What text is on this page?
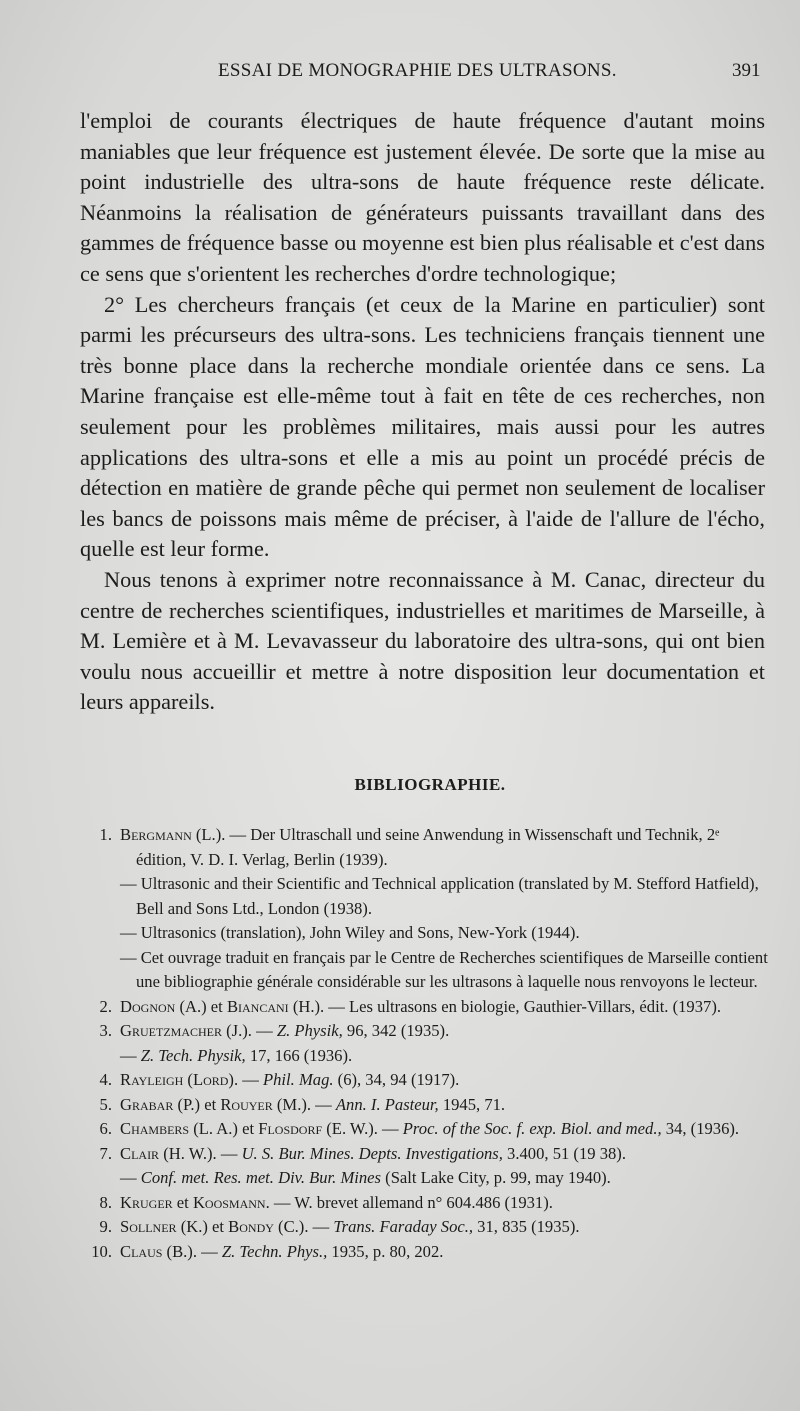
ESSAI DE MONOGRAPHIE DES ULTRASONS.	391

l'emploi de courants électriques de haute fréquence d'autant moins maniables que leur fréquence est justement élevée. De sorte que la mise au point industrielle des ultra-sons de haute fréquence reste délicate. Néanmoins la réalisation de générateurs puissants travaillant dans des gammes de fréquence basse ou moyenne est bien plus réalisable et c'est dans ce sens que s'orientent les recherches d'ordre technologique;

2° Les chercheurs français (et ceux de la Marine en particulier) sont parmi les précurseurs des ultra-sons. Les techniciens français tiennent une très bonne place dans la recherche mondiale orientée dans ce sens. La Marine française est elle-même tout à fait en tête de ces recherches, non seulement pour les problèmes militaires, mais aussi pour les autres applications des ultra-sons et elle a mis au point un procédé précis de détection en matière de grande pêche qui permet non seulement de localiser les bancs de poissons mais même de préciser, à l'aide de l'allure de l'écho, quelle est leur forme.

Nous tenons à exprimer notre reconnaissance à M. Canac, directeur du centre de recherches scientifiques, industrielles et maritimes de Marseille, à M. Lemière et à M. Levavasseur du laboratoire des ultra-sons, qui ont bien voulu nous accueillir et mettre à notre disposition leur documentation et leurs appareils.

BIBLIOGRAPHIE.
1. Bergmann (L.). — Der Ultraschall und seine Anwendung in Wissenschaft und Technik, 2ᵉ édition, V. D. I. Verlag, Berlin (1939).
— Ultrasonic and their Scientific and Technical application (translated by M. Stefford Hatfield), Bell and Sons Ltd., London (1938).
— Ultrasonics (translation), John Wiley and Sons, New-York (1944).
— Cet ouvrage traduit en français par le Centre de Recherches scientifiques de Marseille contient une bibliographie générale considérable sur les ultrasons à laquelle nous renvoyons le lecteur.
2. Dognon (A.) et Biancani (H.). — Les ultrasons en biologie, Gauthier-Villars, édit. (1937).
3. Gruetzmacher (J.). — Z. Physik, 96, 342 (1935).
— Z. Tech. Physik, 17, 166 (1936).
4. Rayleigh (Lord). — Phil. Mag. (6), 34, 94 (1917).
5. Grabar (P.) et Rouyer (M.). — Ann. I. Pasteur, 1945, 71.
6. Chambers (L. A.) et Flosdorf (E. W.). — Proc. of the Soc. f. exp. Biol. and med., 34, (1936).
7. Clair (H. W.). — U. S. Bur. Mines. Depts. Investigations, 3.400, 51 (19 38).
— Conf. met. Res. met. Div. Bur. Mines (Salt Lake City, p. 99, may 1940).
8. Kruger et Koosmann. — W. brevet allemand n° 604.486 (1931).
9. Sollner (K.) et Bondy (C.). — Trans. Faraday Soc., 31, 835 (1935).
10. Claus (B.). — Z. Techn. Phys., 1935, p. 80, 202.
